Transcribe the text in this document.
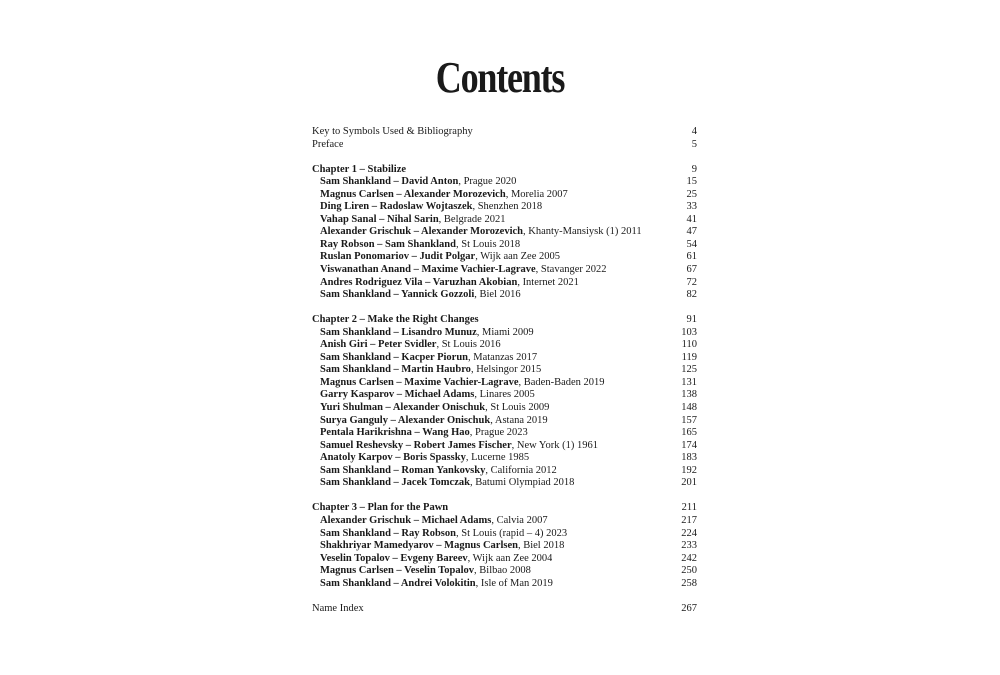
Contents
Key to Symbols Used & Bibliography	4
Preface	5
Chapter 1 – Stabilize	9
Sam Shankland – David Anton, Prague 2020	15
Magnus Carlsen – Alexander Morozevich, Morelia 2007	25
Ding Liren – Radoslaw Wojtaszek, Shenzhen 2018	33
Vahap Sanal – Nihal Sarin, Belgrade 2021	41
Alexander Grischuk – Alexander Morozevich, Khanty-Mansiysk (1) 2011	47
Ray Robson – Sam Shankland, St Louis 2018	54
Ruslan Ponomariov – Judit Polgar, Wijk aan Zee 2005	61
Viswanathan Anand – Maxime Vachier-Lagrave, Stavanger 2022	67
Andres Rodriguez Vila – Varuzhan Akobian, Internet 2021	72
Sam Shankland – Yannick Gozzoli, Biel 2016	82
Chapter 2 – Make the Right Changes	91
Sam Shankland – Lisandro Munuz, Miami 2009	103
Anish Giri – Peter Svidler, St Louis 2016	110
Sam Shankland – Kacper Piorun, Matanzas 2017	119
Sam Shankland – Martin Haubro, Helsingor 2015	125
Magnus Carlsen – Maxime Vachier-Lagrave, Baden-Baden 2019	131
Garry Kasparov – Michael Adams, Linares 2005	138
Yuri Shulman – Alexander Onischuk, St Louis 2009	148
Surya Ganguly – Alexander Onischuk, Astana 2019	157
Pentala Harikrishna – Wang Hao, Prague 2023	165
Samuel Reshevsky – Robert James Fischer, New York (1) 1961	174
Anatoly Karpov – Boris Spassky, Lucerne 1985	183
Sam Shankland – Roman Yankovsky, California 2012	192
Sam Shankland – Jacek Tomczak, Batumi Olympiad 2018	201
Chapter 3 – Plan for the Pawn	211
Alexander Grischuk – Michael Adams, Calvia 2007	217
Sam Shankland – Ray Robson, St Louis (rapid – 4) 2023	224
Shakhriyar Mamedyarov – Magnus Carlsen, Biel 2018	233
Veselin Topalov – Evgeny Bareev, Wijk aan Zee 2004	242
Magnus Carlsen – Veselin Topalov, Bilbao 2008	250
Sam Shankland – Andrei Volokitin, Isle of Man 2019	258
Name Index	267
